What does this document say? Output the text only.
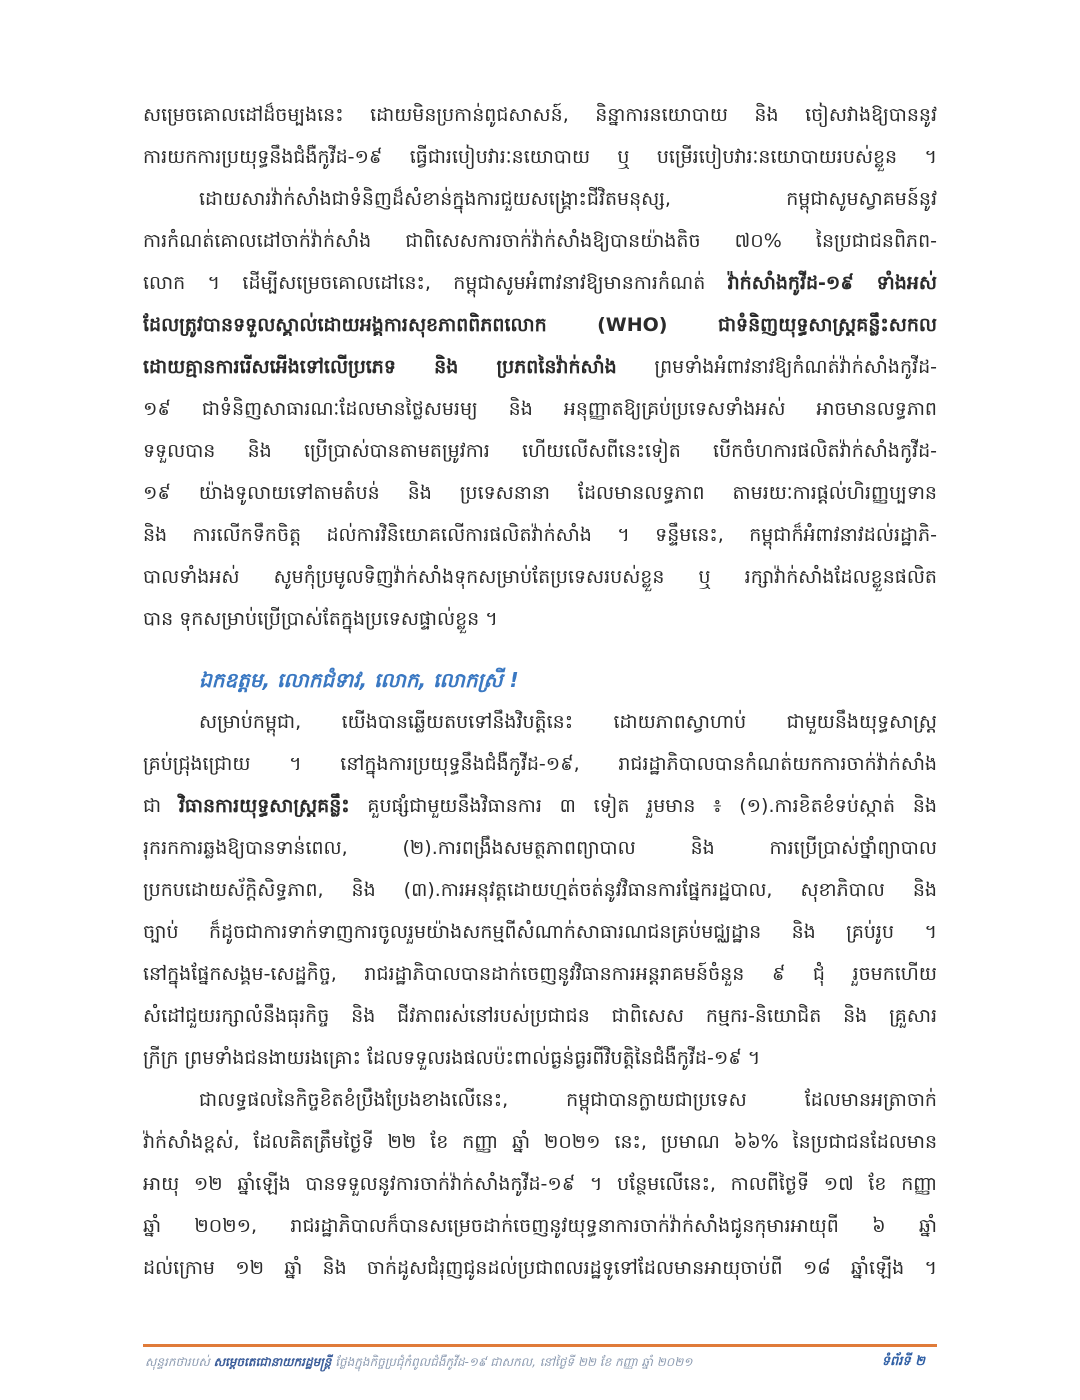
សម្រេចគោលដៅដ៏ចម្បងនេះ ដោយមិនប្រកាន់ពូជសាសន៍, និន្នាការនយោបាយ និង ចៀសវាងឱ្យបាននូវ
ការយកការប្រយុទ្ធនឹងជំងឺកូវីដ-១៩ ធ្វើជារបៀបវារៈនយោបាយ ឬ បម្រើរបៀបវារៈនយោបាយរបស់ខ្លួន ។
ដោយសារវ៉ាក់សាំងជាទំនិញដ៏សំខាន់ក្នុងការជួយសង្គ្រោះជីវិតមនុស្ស, កម្ពុជាសូមស្វាគមន៍នូវ
ការកំណត់គោលដៅចាក់វ៉ាក់សាំង ជាពិសេសការចាក់វ៉ាក់សាំងឱ្យបានយ៉ាងតិច ៧០% នៃប្រជាជនពិភព-
លោក ។ ដើម្បីសម្រេចគោលដៅនេះ, កម្ពុជាសូមអំពាវនាវឱ្យមានការកំណត់ វ៉ាក់សាំងកូវីដ-១៩ ទាំងអស់
ដែលត្រូវបានទទួលស្គាល់ដោយអង្គការសុខភាពពិភពលោក (WHO) ជាទំនិញយុទ្ធសាស្ត្រគន្លឹះសកល
ដោយគ្មានការរើសអើងទៅលើប្រភេទ និង ប្រភពនៃវ៉ាក់សាំង ព្រមទាំងអំពាវនាវឱ្យកំណត់វ៉ាក់សាំងកូវីដ-
១៩ ជាទំនិញសាធារណៈដែលមានថ្លៃសមរម្យ និង អនុញ្ញាតឱ្យគ្រប់ប្រទេសទាំងអស់ អាចមានលទ្ធភាព
ទទួលបាន និង ប្រើប្រាស់បានតាមតម្រូវការ ហើយលើសពីនេះទៀត បើកចំហការផលិតវ៉ាក់សាំងកូវីដ-
១៩ យ៉ាងទូលាយទៅតាមតំបន់ និង ប្រទេសនានា ដែលមានលទ្ធភាព តាមរយៈការផ្ដល់ហិរញ្ញប្បទាន
និង ការលើកទឹកចិត្ត ដល់ការវិនិយោគលើការផលិតវ៉ាក់សាំង ។ ទន្ទឹមនេះ, កម្ពុជាក៏អំពាវនាវដល់រដ្ឋាភិ-
បាលទាំងអស់ សូមកុំប្រមូលទិញវ៉ាក់សាំងទុកសម្រាប់តែប្រទេសរបស់ខ្លួន ឬ រក្សាវ៉ាក់សាំងដែលខ្លួនផលិត
បាន ទុកសម្រាប់ប្រើប្រាស់តែក្នុងប្រទេសផ្ទាល់ខ្លួន ។
ឯកឧត្តម, លោកជំទាវ, លោក, លោកស្រី !
សម្រាប់កម្ពុជា, យើងបានឆ្លើយតបទៅនឹងវិបត្តិនេះ ដោយភាពស្វាហាប់ ជាមួយនឹងយុទ្ធសាស្ត្រ
គ្រប់ជ្រុងជ្រោយ ។ នៅក្នុងការប្រយុទ្ធនឹងជំងឺកូវីដ-១៩, រាជរដ្ឋាភិបាលបានកំណត់យកការចាក់វ៉ាក់សាំង
ជា វិធានការយុទ្ធសាស្ត្រគន្លឹះ គួបផ្សំជាមួយនឹងវិធានការ ៣ ទៀត រួមមាន ៖ (១).ការខិតខំទប់ស្កាត់ និង
រុករកការឆ្លងឱ្យបានទាន់ពេល, (២).ការពង្រឹងសមត្ថភាពព្យាបាល និង ការប្រើប្រាស់ថ្នាំព្យាបាល
ប្រកបដោយស័ក្តិសិទ្ធភាព, និង (៣).ការអនុវត្តដោយហ្មត់ចត់នូវវិធានការផ្នែករដ្ឋបាល, សុខាភិបាល និង
ច្បាប់ ក៏ដូចជាការទាក់ទាញការចូលរួមយ៉ាងសកម្មពីសំណាក់សាធារណជនគ្រប់មជ្ឈដ្ឋាន និង គ្រប់រូប ។
នៅក្នុងផ្នែកសង្គម-សេដ្ឋកិច្ច, រាជរដ្ឋាភិបាលបានដាក់ចេញនូវវិធានការអន្តរាគមន៍ចំនួន ៩ ជុំ រួចមកហើយ
សំដៅជួយរក្សាលំនឹងធុរកិច្ច និង ជីវភាពរស់នៅរបស់ប្រជាជន ជាពិសេស កម្មករ-និយោជិត និង គ្រួសារ
ក្រីក្រ ព្រមទាំងជនងាយរងគ្រោះ ដែលទទួលរងផលប៉ះពាល់ធ្ងន់ធ្ងរពីវិបត្តិនៃជំងឺកូវីដ-១៩ ។
ជាលទ្ធផលនៃកិច្ចខិតខំប្រឹងប្រែងខាងលើនេះ, កម្ពុជាបានក្លាយជាប្រទេស ដែលមានអត្រាចាក់
វ៉ាក់សាំងខ្ពស់, ដែលគិតត្រឹមថ្ងៃទី ២២ ខែ កញ្ញា ឆ្នាំ ២០២១ នេះ, ប្រមាណ ៦៦% នៃប្រជាជនដែលមាន
អាយុ ១២ ឆ្នាំឡើង បានទទួលនូវការចាក់វ៉ាក់សាំងកូវីដ-១៩ ។ បន្ថែមលើនេះ, កាលពីថ្ងៃទី ១៧ ខែ កញ្ញា
ឆ្នាំ ២០២១, រាជរដ្ឋាភិបាលក៏បានសម្រេចដាក់ចេញនូវយុទ្ធនាការចាក់វ៉ាក់សាំងជូនកុមារអាយុពី ៦ ឆ្នាំ
ដល់ក្រោម ១២ ឆ្នាំ និង ចាក់ដូសជំរុញជូនដល់ប្រជាពលរដ្ឋទូទៅដែលមានអាយុចាប់ពី ១៨ ឆ្នាំឡើង ។
សុន្ទរកថារបស់ សម្តេចតេជោនាយករដ្ឋមន្ត្រី ថ្លែងក្នុងកិច្ចប្រជុំកំពូលជំងឺកូវីដ-១៩ ជាសកល, នៅថ្ងៃទី ២២ ខែ កញ្ញា ឆ្នាំ ២០២១	ទំព័រទី ២
